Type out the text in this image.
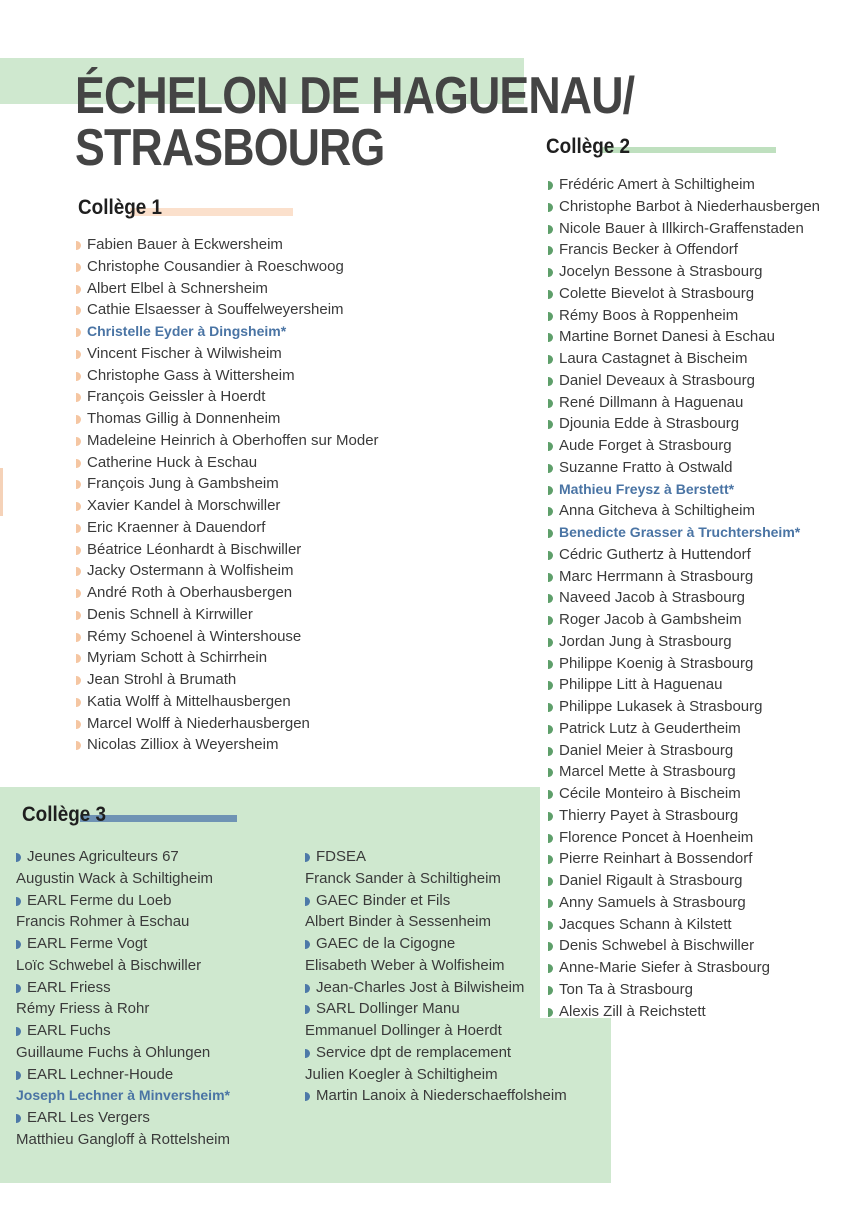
ÉCHELON DE HAGUENAU/
STRASBOURG
Collège 1
Fabien Bauer à Eckwersheim
Christophe Cousandier à Roeschwoog
Albert Elbel à Schnersheim
Cathie Elsaesser à Souffelweyersheim
Christelle Eyder à Dingsheim*
Vincent Fischer à Wilwisheim
Christophe Gass à Wittersheim
François Geissler à Hoerdt
Thomas Gillig à Donnenheim
Madeleine Heinrich à Oberhoffen sur Moder
Catherine Huck à Eschau
François Jung à Gambsheim
Xavier Kandel à Morschwiller
Eric Kraenner à Dauendorf
Béatrice Léonhardt à Bischwiller
Jacky Ostermann à Wolfisheim
André Roth à Oberhausbergen
Denis Schnell à Kirrwiller
Rémy Schoenel à Wintershouse
Myriam Schott à Schirrhein
Jean Strohl à Brumath
Katia Wolff à Mittelhausbergen
Marcel Wolff à Niederhausbergen
Nicolas Zilliox à Weyersheim
Collège 2
Frédéric Amert à Schiltigheim
Christophe Barbot à Niederhausbergen
Nicole Bauer à Illkirch-Graffenstaden
Francis Becker à Offendorf
Jocelyn Bessone à Strasbourg
Colette Bievelot à Strasbourg
Rémy Boos à Roppenheim
Martine Bornet Danesi à Eschau
Laura Castagnet à Bischeim
Daniel Deveaux à Strasbourg
René Dillmann à Haguenau
Djounia Edde à Strasbourg
Aude Forget à Strasbourg
Suzanne Fratto à Ostwald
Mathieu Freysz à Berstett*
Anna Gitcheva à Schiltigheim
Benedicte Grasser à Truchtersheim*
Cédric Guthertz à Huttendorf
Marc Herrmann à Strasbourg
Naveed Jacob à Strasbourg
Roger Jacob à Gambsheim
Jordan Jung à Strasbourg
Philippe Koenig à Strasbourg
Philippe Litt à Haguenau
Philippe Lukasek à Strasbourg
Patrick Lutz à Geudertheim
Daniel Meier à Strasbourg
Marcel Mette à Strasbourg
Cécile Monteiro à Bischeim
Thierry Payet à Strasbourg
Florence Poncet à Hoenheim
Pierre Reinhart à Bossendorf
Daniel Rigault à Strasbourg
Anny Samuels à Strasbourg
Jacques Schann à Kilstett
Denis Schwebel à Bischwiller
Anne-Marie Siefer à Strasbourg
Ton Ta à Strasbourg
Alexis Zill à Reichstett
Collège 3
Jeunes Agriculteurs 67
Augustin Wack à Schiltigheim
EARL Ferme du Loeb
Francis Rohmer à Eschau
EARL Ferme Vogt
Loïc Schwebel à Bischwiller
EARL Friess
Rémy Friess à Rohr
EARL Fuchs
Guillaume Fuchs à Ohlungen
EARL Lechner-Houde
Joseph Lechner à Minversheim*
EARL Les Vergers
Matthieu Gangloff à Rottelsheim
FDSEA
Franck Sander à Schiltigheim
GAEC Binder et Fils
Albert Binder à Sessenheim
GAEC de la Cigogne
Elisabeth Weber à Wolfisheim
Jean-Charles Jost à Bilwisheim
SARL Dollinger Manu
Emmanuel Dollinger à Hoerdt
Service dpt de remplacement
Julien Koegler à Schiltigheim
Martin Lanoix à Niederschaeffolsheim
